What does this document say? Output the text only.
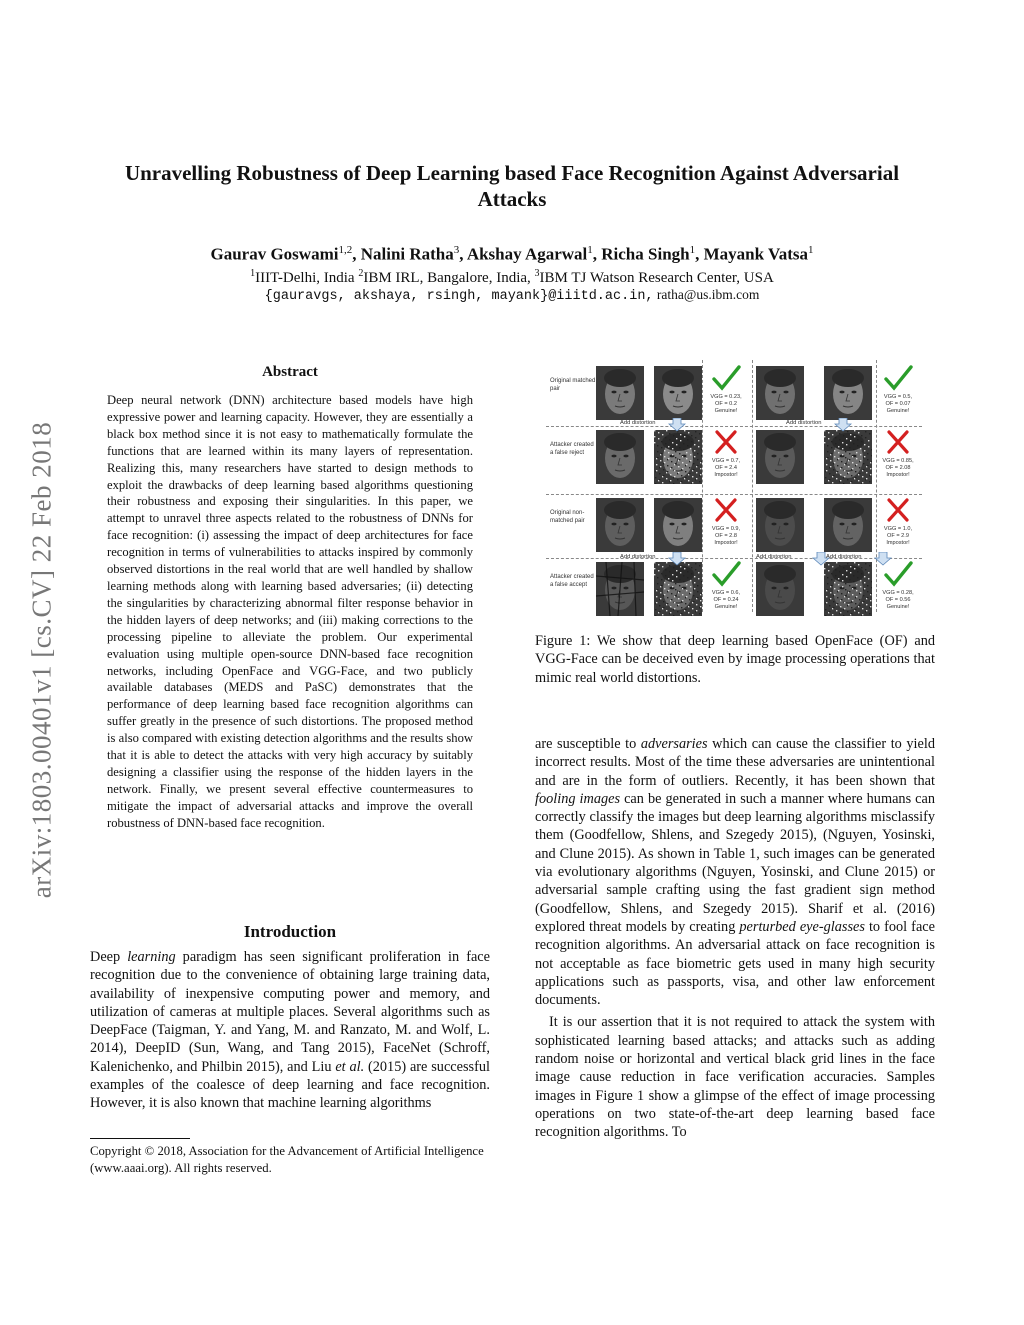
Unravelling Robustness of Deep Learning based Face Recognition Against Adversarial Attacks
Gaurav Goswami$^{1,2}$, Nalini Ratha$^3$, Akshay Agarwal$^1$, Richa Singh$^1$, Mayank Vatsa$^1$
$^1$IIIT-Delhi, India $^2$IBM IRL, Bangalore, India, $^3$IBM TJ Watson Research Center, USA
{gauravgs, akshaya, rsingh, mayank}@iiitd.ac.in, ratha@us.ibm.com
arXiv:1803.00401v1 [cs.CV] 22 Feb 2018
Abstract
Deep neural network (DNN) architecture based models have high expressive power and learning capacity. However, they are essentially a black box method since it is not easy to mathematically formulate the functions that are learned within its many layers of representation. Realizing this, many researchers have started to design methods to exploit the drawbacks of deep learning based algorithms questioning their robustness and exposing their singularities. In this paper, we attempt to unravel three aspects related to the robustness of DNNs for face recognition: (i) assessing the impact of deep architectures for face recognition in terms of vulnerabilities to attacks inspired by commonly observed distortions in the real world that are well handled by shallow learning methods along with learning based adversaries; (ii) detecting the singularities by characterizing abnormal filter response behavior in the hidden layers of deep networks; and (iii) making corrections to the processing pipeline to alleviate the problem. Our experimental evaluation using multiple open-source DNN-based face recognition networks, including OpenFace and VGG-Face, and two publicly available databases (MEDS and PaSC) demonstrates that the performance of deep learning based face recognition algorithms can suffer greatly in the presence of such distortions. The proposed method is also compared with existing detection algorithms and the results show that it is able to detect the attacks with very high accuracy by suitably designing a classifier using the response of the hidden layers in the network. Finally, we present several effective countermeasures to mitigate the impact of adversarial attacks and improve the overall robustness of DNN-based face recognition.
Introduction
Deep learning paradigm has seen significant proliferation in face recognition due to the convenience of obtaining large training data, availability of inexpensive computing power and memory, and utilization of cameras at multiple places. Several algorithms such as DeepFace (Taigman, Y. and Yang, M. and Ranzato, M. and Wolf, L. 2014), DeepID (Sun, Wang, and Tang 2015), FaceNet (Schroff, Kalenichenko, and Philbin 2015), and Liu et al. (2015) are successful examples of the coalesce of deep learning and face recognition. However, it is also known that machine learning algorithms
Copyright © 2018, Association for the Advancement of Artificial Intelligence (www.aaai.org). All rights reserved.
Original matched pair
VGG = 0.23,
OF = 0.2
Genuine!
VGG = 0.5,
OF = 0.07
Genuine!
Attacker created a false reject
VGG = 0.7,
OF = 2.4
Impostor!
VGG = 0.85,
OF = 2.08
Impostor!
Original non-matched pair
VGG = 0.9,
OF = 2.8
Impostor!
VGG = 1.0,
OF = 2.9
Impostor!
Attacker created a false accept
VGG = 0.6,
OF = 0.24
Genuine!
VGG = 0.28,
OF = 0.56
Genuine!
Add distortion	Add distortion
Add distortion	Add distortion	Add distortion
Figure 1: We show that deep learning based OpenFace (OF) and VGG-Face can be deceived even by image processing operations that mimic real world distortions.

are susceptible to adversaries which can cause the classifier to yield incorrect results. Most of the time these adversaries are unintentional and are in the form of outliers. Recently, it has been shown that fooling images can be generated in such a manner where humans can correctly classify the images but deep learning algorithms misclassify them (Goodfellow, Shlens, and Szegedy 2015), (Nguyen, Yosinski, and Clune 2015). As shown in Table 1, such images can be generated via evolutionary algorithms (Nguyen, Yosinski, and Clune 2015) or adversarial sample crafting using the fast gradient sign method (Goodfellow, Shlens, and Szegedy 2015). Sharif et al. (2016) explored threat models by creating perturbed eye-glasses to fool face recognition algorithms. An adversarial attack on face recognition is not acceptable as face biometric gets used in many high security applications such as passports, visa, and other law enforcement documents.

It is our assertion that it is not required to attack the system with sophisticated learning based attacks; and attacks such as adding random noise or horizontal and vertical black grid lines in the face image cause reduction in face verification accuracies. Samples images in Figure 1 show a glimpse of the effect of image processing operations on two state-of-the-art deep learning based face recognition algorithms. To
